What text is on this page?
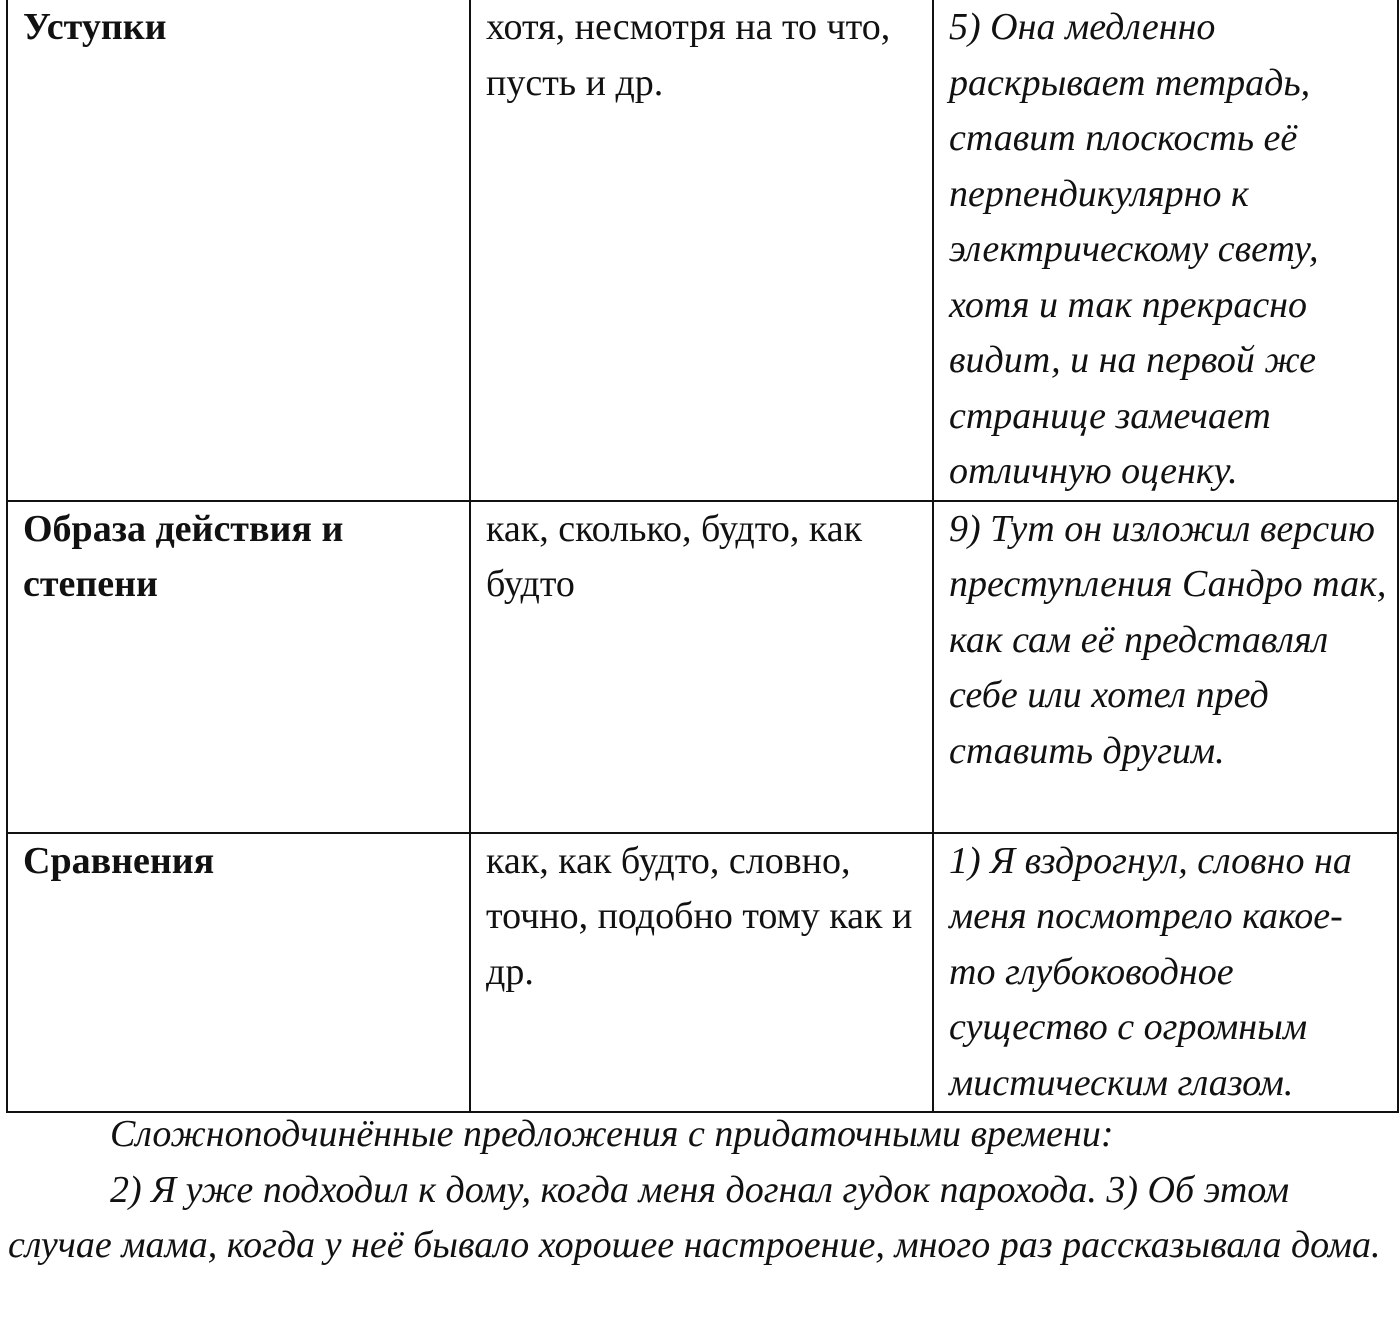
Уступки	хотя, несмотря на то что, пусть и др.	5) Она медленно раскрывает тетрадь, ставит плоскость её перпендикулярно к электрическому свету, хотя и так прекрасно видит, и на первой же странице замечает отличную оценку.
Образа действия и степени	как, сколько, будто, как будто	9) Тут он изложил версию преступления Сандро так, как сам её представлял себе или хотел пред ставить другим.
Сравнения	как, как будто, словно, точно, подобно тому как и др.	1) Я вздрогнул, словно на меня посмотрело какое-то глубоководное существо с огромным мистическим глазом.

Сложноподчинённые предложения с придаточными времени:

2) Я уже подходил к дому, когда меня догнал гудок парохода. 3) Об этом случае мама, когда у неё бывало хорошее настроение, много раз рассказывала дома.
